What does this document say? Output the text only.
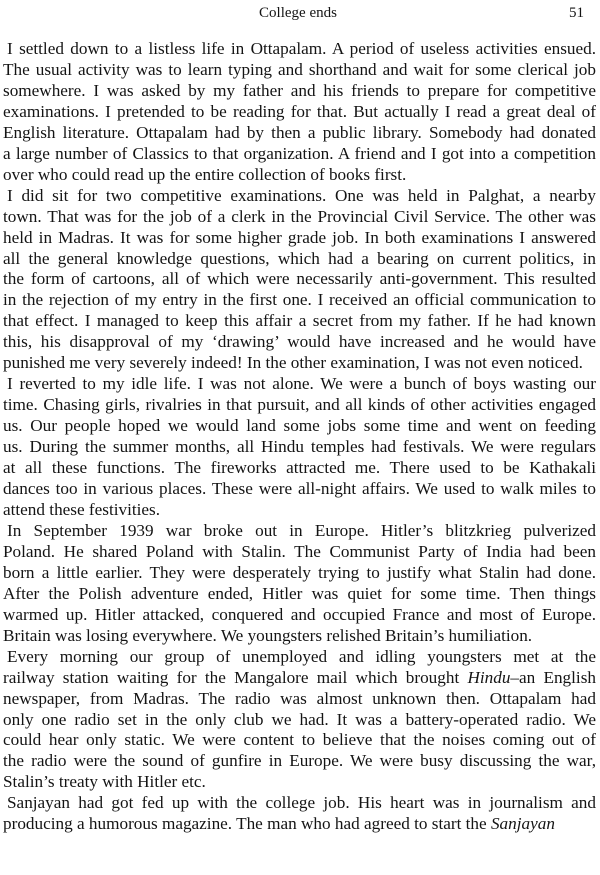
College ends	51
I settled down to a listless life in Ottapalam. A period of useless activities ensued.
The usual activity was to learn typing and shorthand and wait for some clerical job
somewhere. I was asked by my father and his friends to prepare for competitive
examinations. I pretended to be reading for that. But actually I read a great deal of
English literature. Ottapalam had by then a public library. Somebody had donated
a large number of Classics to that organization. A friend and I got into a competition
over who could read up the entire collection of books first.
I did sit for two competitive examinations. One was held in Palghat, a nearby
town. That was for the job of a clerk in the Provincial Civil Service. The other was
held in Madras. It was for some higher grade job. In both examinations I answered
all the general knowledge questions, which had a bearing on current politics, in
the form of cartoons, all of which were necessarily anti-government. This resulted
in the rejection of my entry in the first one. I received an official communication to
that effect. I managed to keep this affair a secret from my father. If he had known
this, his disapproval of my ‘drawing’ would have increased and he would have
punished me very severely indeed! In the other examination, I was not even noticed.
I reverted to my idle life. I was not alone. We were a bunch of boys wasting our
time. Chasing girls, rivalries in that pursuit, and all kinds of other activities engaged
us. Our people hoped we would land some jobs some time and went on feeding
us. During the summer months, all Hindu temples had festivals. We were regulars
at all these functions. The fireworks attracted me. There used to be Kathakali
dances too in various places. These were all-night affairs. We used to walk miles to
attend these festivities.
In September 1939 war broke out in Europe. Hitler’s blitzkrieg pulverized
Poland. He shared Poland with Stalin. The Communist Party of India had been
born a little earlier. They were desperately trying to justify what Stalin had done.
After the Polish adventure ended, Hitler was quiet for some time. Then things
warmed up. Hitler attacked, conquered and occupied France and most of Europe.
Britain was losing everywhere. We youngsters relished Britain’s humiliation.
Every morning our group of unemployed and idling youngsters met at the
railway station waiting for the Mangalore mail which brought Hindu–an English
newspaper, from Madras. The radio was almost unknown then. Ottapalam had
only one radio set in the only club we had. It was a battery-operated radio. We
could hear only static. We were content to believe that the noises coming out of
the radio were the sound of gunfire in Europe. We were busy discussing the war,
Stalin’s treaty with Hitler etc.
Sanjayan had got fed up with the college job. His heart was in journalism and
producing a humorous magazine. The man who had agreed to start the Sanjayan
